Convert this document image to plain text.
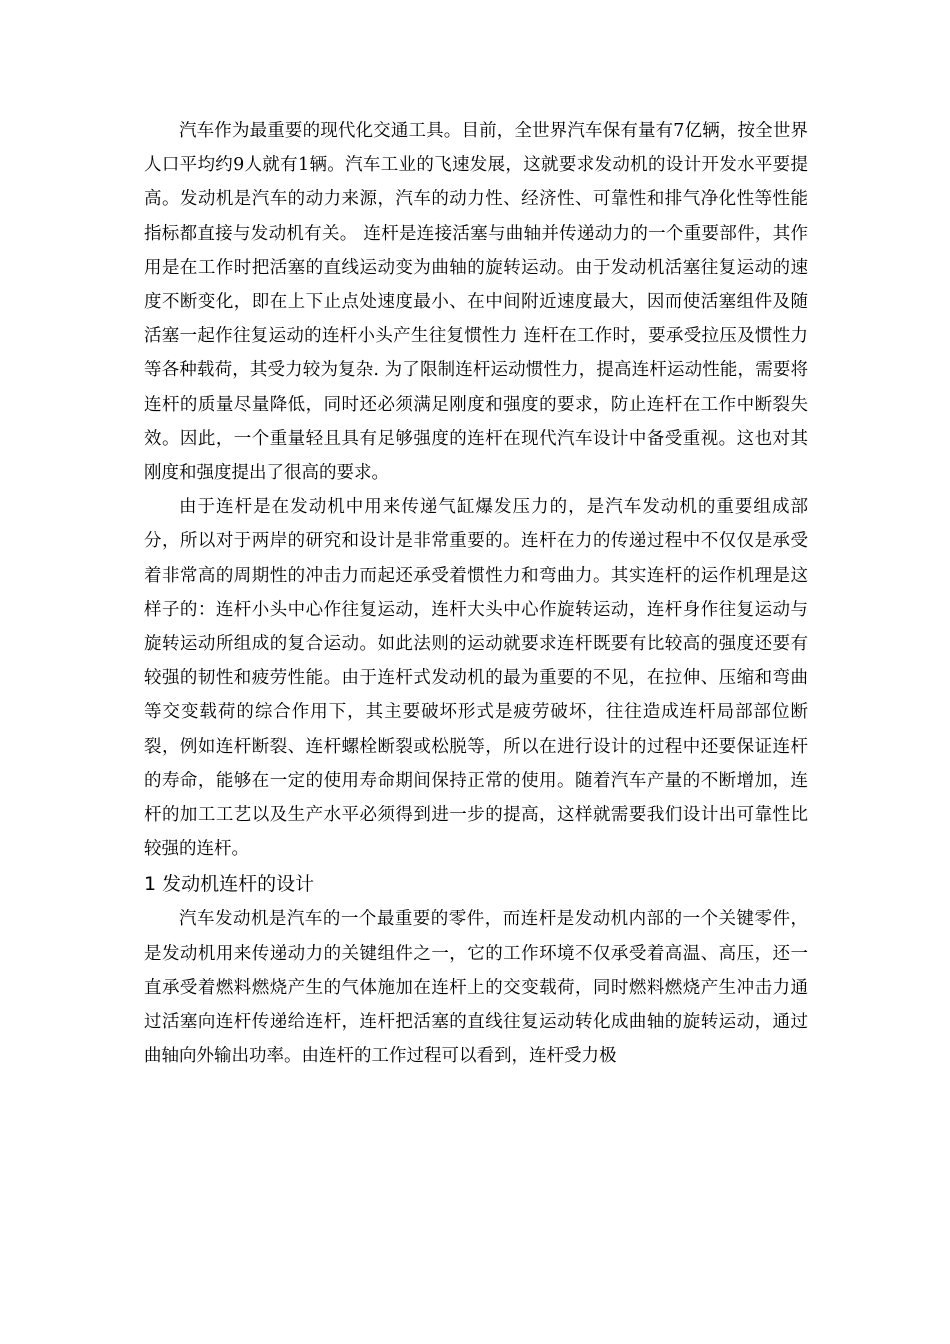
汽车作为最重要的现代化交通工具。目前，全世界汽车保有量有7亿辆，按全世界人口平均约9人就有1辆。汽车工业的飞速发展，这就要求发动机的设计开发水平要提高。发动机是汽车的动力来源，汽车的动力性、经济性、可靠性和排气净化性等性能指标都直接与发动机有关。 连杆是连接活塞与曲轴并传递动力的一个重要部件，其作用是在工作时把活塞的直线运动变为曲轴的旋转运动。由于发动机活塞往复运动的速度不断变化，即在上下止点处速度最小、在中间附近速度最大，因而使活塞组件及随活塞一起作往复运动的连杆小头产生往复惯性力 连杆在工作时，要承受拉压及惯性力等各种载荷，其受力较为复杂. 为了限制连杆运动惯性力，提高连杆运动性能，需要将连杆的质量尽量降低，同时还必须满足刚度和强度的要求，防止连杆在工作中断裂失效。因此，一个重量轻且具有足够强度的连杆在现代汽车设计中备受重视。这也对其刚度和强度提出了很高的要求。

由于连杆是在发动机中用来传递气缸爆发压力的，是汽车发动机的重要组成部分，所以对于两岸的研究和设计是非常重要的。连杆在力的传递过程中不仅仅是承受着非常高的周期性的冲击力而起还承受着惯性力和弯曲力。其实连杆的运作机理是这样子的：连杆小头中心作往复运动，连杆大头中心作旋转运动，连杆身作往复运动与旋转运动所组成的复合运动。如此法则的运动就要求连杆既要有比较高的强度还要有较强的韧性和疲劳性能。由于连杆式发动机的最为重要的不见，在拉伸、压缩和弯曲等交变载荷的综合作用下，其主要破坏形式是疲劳破坏，往往造成连杆局部部位断裂，例如连杆断裂、连杆螺栓断裂或松脱等，所以在进行设计的过程中还要保证连杆的寿命，能够在一定的使用寿命期间保持正常的使用。随着汽车产量的不断增加，连杆的加工工艺以及生产水平必须得到进一步的提高，这样就需要我们设计出可靠性比较强的连杆。

1 发动机连杆的设计

汽车发动机是汽车的一个最重要的零件，而连杆是发动机内部的一个关键零件，是发动机用来传递动力的关键组件之一，它的工作环境不仅承受着高温、高压，还一直承受着燃料燃烧产生的气体施加在连杆上的交变载荷，同时燃料燃烧产生冲击力通过活塞向连杆传递给连杆，连杆把活塞的直线往复运动转化成曲轴的旋转运动，通过曲轴向外输出功率。由连杆的工作过程可以看到，连杆受力极
